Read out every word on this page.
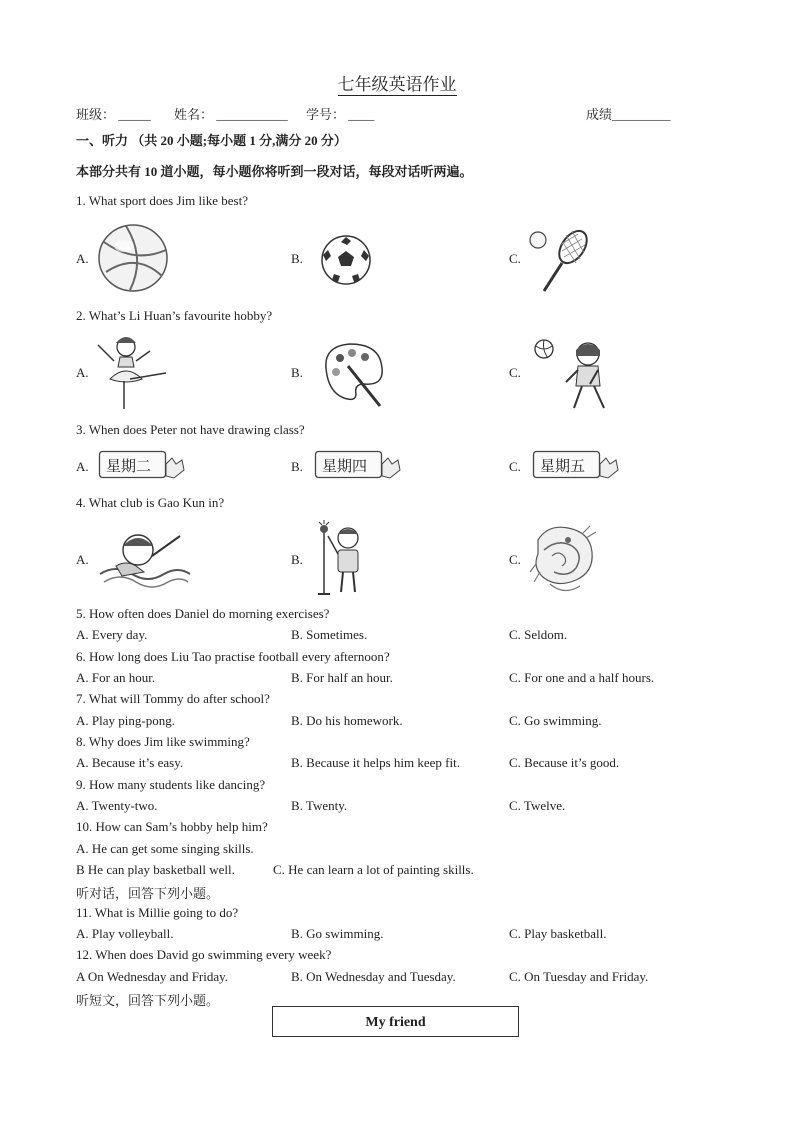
七年级英语作业
班级： _____ 姓名： ___________ 学号： ____	成绩_________
一、听力 （共 20 小题;每小题 1 分,满分 20 分）
本部分共有 10 道小题，每小题你将听到一段对话，每段对话听两遍。
1. What sport does Jim like best?
A.	B.	C.
2. What’s Li Huan’s favourite hobby?
A.	B.	C.
3. When does Peter not have drawing class?
A.	B.	C.
星期二	星期四	星期五
4. What club is Gao Kun in?
A.	B.	C.
5. How often does Daniel do morning exercises?
A. Every day.	B. Sometimes.	C. Seldom.
6. How long does Liu Tao practise football every afternoon?
A. For an hour.	B. For half an hour.	C. For one and a half hours.
7. What will Tommy do after school?
A. Play ping-pong.	B. Do his homework.	C. Go swimming.
8. Why does Jim like swimming?
A. Because it’s easy.	B. Because it helps him keep fit.	C. Because it’s good.
9. How many students like dancing?
A. Twenty-two.	B. Twenty.	C. Twelve.
10. How can Sam’s hobby help him?
A. He can get some singing skills.
B He can play basketball well.	C. He can learn a lot of painting skills.
听对话，回答下列小题。
11. What is Millie going to do?
A. Play volleyball.	B. Go swimming.	C. Play basketball.
12. When does David go swimming every week?
A On Wednesday and Friday.	B. On Wednesday and Tuesday.	C. On Tuesday and Friday.
听短文，回答下列小题。
My friend
